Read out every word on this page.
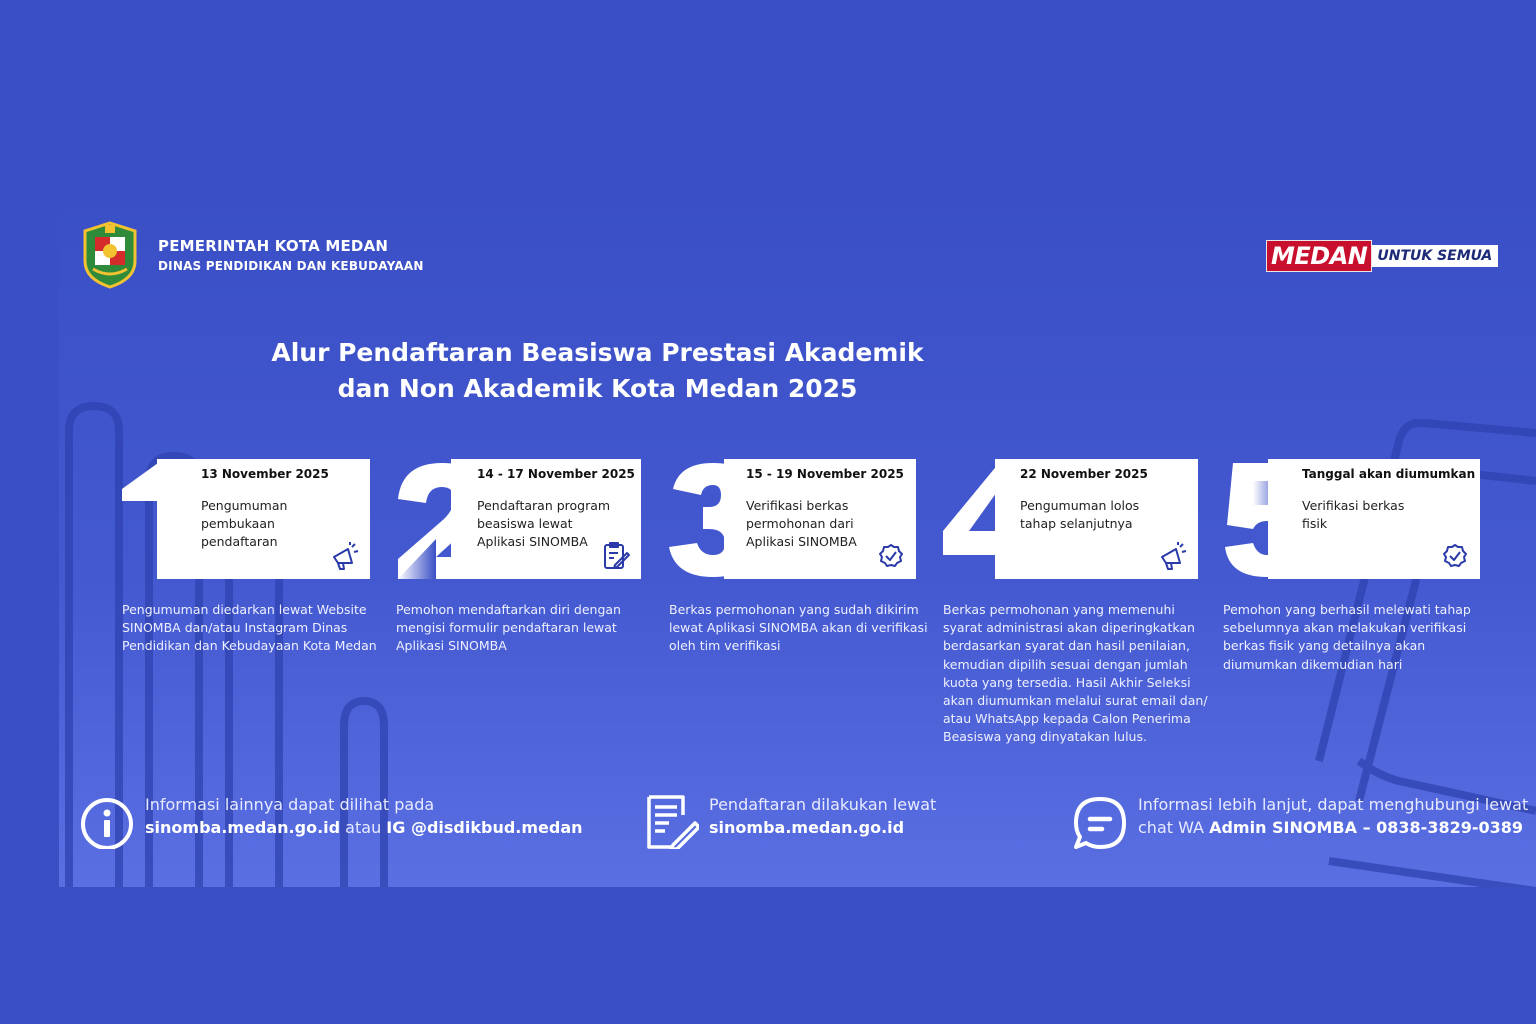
PEMERINTAH KOTA MEDAN
DINAS PENDIDIKAN DAN KEBUDAYAAN	MEDAN UNTUK SEMUA
Alur Pendaftaran Beasiswa Prestasi Akademik
dan Non Akademik Kota Medan 2025
1
13 November 2025
Pengumuman
pembukaan
pendaftaran
Pengumuman diedarkan lewat Website
SINOMBA dan/atau Instagram Dinas
Pendidikan dan Kebudayaan Kota Medan
14 - 17 November 2025
Pendaftaran program
beasiswa lewat
Aplikasi SINOMBA
Pemohon mendaftarkan diri dengan
mengisi formulir pendaftaran lewat
Aplikasi SINOMBA
15 - 19 November 2025
Verifikasi berkas
permohonan dari
Aplikasi SINOMBA
Berkas permohonan yang sudah dikirim
lewat Aplikasi SINOMBA akan di verifikasi
oleh tim verifikasi
22 November 2025
Pengumuman lolos
tahap selanjutnya
Berkas permohonan yang memenuhi
syarat administrasi akan diperingkatkan
berdasarkan syarat dan hasil penilaian,
kemudian dipilih sesuai dengan jumlah
kuota yang tersedia. Hasil Akhir Seleksi
akan diumumkan melalui surat email dan/
atau WhatsApp kepada Calon Penerima
Beasiswa yang dinyatakan lulus.
Tanggal akan diumumkan
Verifikasi berkas
fisik
Pemohon yang berhasil melewati tahap
sebelumnya akan melakukan verifikasi
berkas fisik yang detailnya akan
diumumkan dikemudian hari
Informasi lainnya dapat dilihat pada
sinomba.medan.go.id atau IG @disdikbud.medan
Pendaftaran dilakukan lewat
sinomba.medan.go.id
Informasi lebih lanjut, dapat menghubungi lewat
chat WA Admin SINOMBA – 0838-3829-0389
